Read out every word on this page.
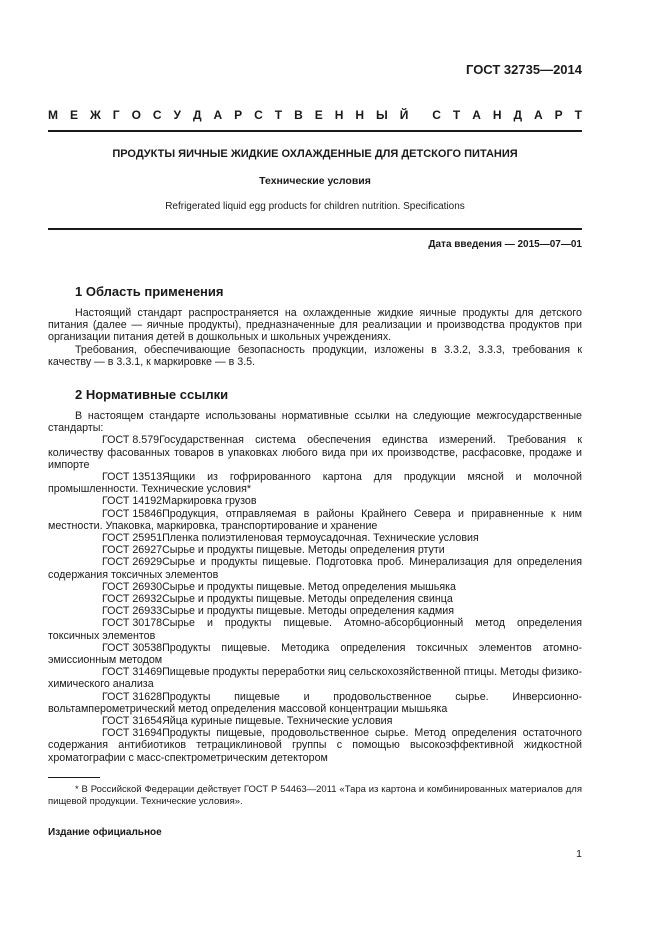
ГОСТ 32735—2014
М Е Ж Г О С У Д А Р С Т В Е Н Н Ы Й С Т А Н Д А Р Т
ПРОДУКТЫ ЯИЧНЫЕ ЖИДКИЕ ОХЛАЖДЕННЫЕ ДЛЯ ДЕТСКОГО ПИТАНИЯ
Технические условия
Refrigerated liquid egg products for children nutrition. Specifications
Дата введения — 2015—07—01
1 Область применения

Настоящий стандарт распространяется на охлажденные жидкие яичные продукты для детского питания (далее — яичные продукты), предназначенные для реализации и производства продуктов при организации питания детей в дошкольных и школьных учреждениях.

Требования, обеспечивающие безопасность продукции, изложены в 3.3.2, 3.3.3, требования к качеству — в 3.3.1, к маркировке — в 3.5.

2 Нормативные ссылки

В настоящем стандарте использованы нормативные ссылки на следующие межгосударственные стандарты:

ГОСТ 8.579Государственная система обеспечения единства измерений. Требования к количеству фасованных товаров в упаковках любого вида при их производстве, расфасовке, продаже и импорте

ГОСТ 13513Ящики из гофрированного картона для продукции мясной и молочной промышленности. Технические условия*

ГОСТ 14192Маркировка грузов

ГОСТ 15846Продукция, отправляемая в районы Крайнего Севера и приравненные к ним местности. Упаковка, маркировка, транспортирование и хранение

ГОСТ 25951Пленка полиэтиленовая термоусадочная. Технические условия

ГОСТ 26927Сырье и продукты пищевые. Методы определения ртути

ГОСТ 26929Сырье и продукты пищевые. Подготовка проб. Минерализация для определения содержания токсичных элементов

ГОСТ 26930Сырье и продукты пищевые. Метод определения мышьяка

ГОСТ 26932Сырье и продукты пищевые. Методы определения свинца

ГОСТ 26933Сырье и продукты пищевые. Методы определения кадмия

ГОСТ 30178Сырье и продукты пищевые. Атомно-абсорбционный метод определения токсичных элементов

ГОСТ 30538Продукты пищевые. Методика определения токсичных элементов атомно-эмиссионным методом

ГОСТ 31469Пищевые продукты переработки яиц сельскохозяйственной птицы. Методы физико-химического анализа

ГОСТ 31628Продукты пищевые и продовольственное сырье. Инверсионно-вольтамперометрический метод определения массовой концентрации мышьяка

ГОСТ 31654Яйца куриные пищевые. Технические условия

ГОСТ 31694Продукты пищевые, продовольственное сырье. Метод определения остаточного содержания антибиотиков тетрациклиновой группы с помощью высокоэффективной жидкостной хроматографии с масс-спектрометрическим детектором

* В Российской Федерации действует ГОСТ Р 54463—2011 «Тара из картона и комбинированных материалов для пищевой продукции. Технические условия».
Издание официальное
1
